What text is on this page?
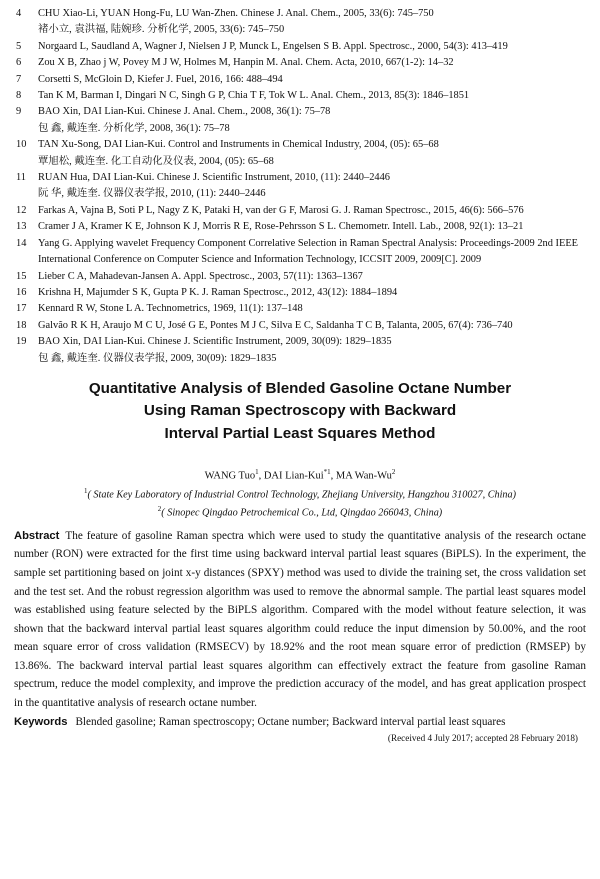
4	CHU Xiao-Li, YUAN Hong-Fu, LU Wan-Zhen. Chinese J. Anal. Chem., 2005, 33(6): 745–750
褚小立, 袁洪福, 陆婉珍. 分析化学, 2005, 33(6): 745–750
5	Norgaard L, Saudland A, Wagner J, Nielsen J P, Munck L, Engelsen S B. Appl. Spectrosc., 2000, 54(3): 413–419
6	Zou X B, Zhao j W, Povey M J W, Holmes M, Hanpin M. Anal. Chem. Acta, 2010, 667(1-2): 14–32
7	Corsetti S, McGloin D, Kiefer J. Fuel, 2016, 166: 488–494
8	Tan K M, Barman I, Dingari N C, Singh G P, Chia T F, Tok W L. Anal. Chem., 2013, 85(3): 1846–1851
9	BAO Xin, DAI Lian-Kui. Chinese J. Anal. Chem., 2008, 36(1): 75–78
包 鑫, 戴连奎. 分析化学, 2008, 36(1): 75–78
10	TAN Xu-Song, DAI Lian-Kui. Control and Instruments in Chemical Industry, 2004, (05): 65–68
覃旭松, 戴连奎. 化工自动化及仪表, 2004, (05): 65–68
11	RUAN Hua, DAI Lian-Kui. Chinese J. Scientific Instrument, 2010, (11): 2440–2446
阮 华, 戴连奎. 仪器仪表学报, 2010, (11): 2440–2446
12	Farkas A, Vajna B, Soti P L, Nagy Z K, Pataki H, van der G F, Marosi G. J. Raman Spectrosc., 2015, 46(6): 566–576
13	Cramer J A, Kramer K E, Johnson K J, Morris R E, Rose-Pehrsson S L. Chemometr. Intell. Lab., 2008, 92(1): 13–21
14	Yang G. Applying wavelet Frequency Component Correlative Selection in Raman Spectral Analysis: Proceedings-2009 2nd IEEE International Conference on Computer Science and Information Technology, ICCSIT 2009, 2009[C]. 2009
15	Lieber C A, Mahadevan-Jansen A. Appl. Spectrosc., 2003, 57(11): 1363–1367
16	Krishna H, Majumder S K, Gupta P K. J. Raman Spectrosc., 2012, 43(12): 1884–1894
17	Kennard R W, Stone L A. Technometrics, 1969, 11(1): 137–148
18	Galvão R K H, Araujo M C U, José G E, Pontes M J C, Silva E C, Saldanha T C B, Talanta, 2005, 67(4): 736–740
19	BAO Xin, DAI Lian-Kui. Chinese J. Scientific Instrument, 2009, 30(09): 1829–1835
包 鑫, 戴连奎. 仪器仪表学报, 2009, 30(09): 1829–1835
Quantitative Analysis of Blended Gasoline Octane Number
Using Raman Spectroscopy with Backward
Interval Partial Least Squares Method
WANG Tuo$^1$, DAI Lian-Kui$^{*1}$, MA Wan-Wu$^2$
$^1$( State Key Laboratory of Industrial Control Technology, Zhejiang University, Hangzhou 310027, China)
$^2$( Sinopec Qingdao Petrochemical Co., Ltd, Qingdao 266043, China)
Abstract The feature of gasoline Raman spectra which were used to study the quantitative analysis of the research octane number (RON) were extracted for the first time using backward interval partial least squares (BiPLS). In the experiment, the sample set partitioning based on joint x-y distances (SPXY) method was used to divide the training set, the cross validation set and the test set. And the robust regression algorithm was used to remove the abnormal sample. The partial least squares model was established using feature selected by the BiPLS algorithm. Compared with the model without feature selection, it was shown that the backward interval partial least squares algorithm could reduce the input dimension by 50.00%, and the root mean square error of cross validation (RMSECV) by 18.92% and the root mean square error of prediction (RMSEP) by 13.86%. The backward interval partial least squares algorithm can effectively extract the feature from gasoline Raman spectrum, reduce the model complexity, and improve the prediction accuracy of the model, and has great application prospect in the quantitative analysis of research octane number.
Keywords Blended gasoline; Raman spectroscopy; Octane number; Backward interval partial least squares
(Received 4 July 2017; accepted 28 February 2018)
